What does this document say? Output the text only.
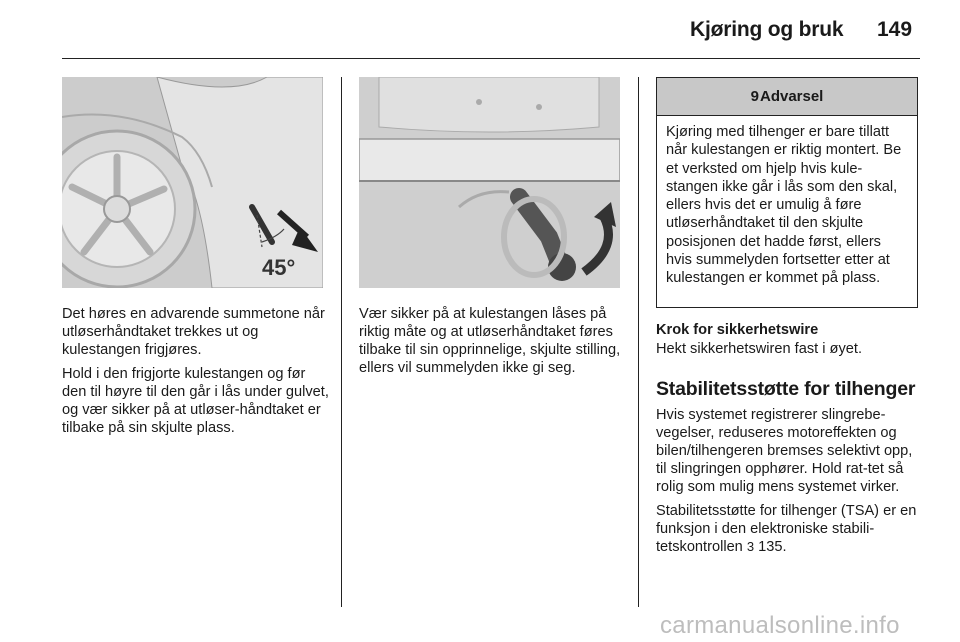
Kjøring og bruk 149
45°

Det høres en advarende summetone når utløserhåndtaket trekkes ut og kulestangen frigjøres.

Hold i den frigjorte kulestangen og før den til høyre til den går i lås under gulvet, og vær sikker på at utløser-håndtaket er tilbake på sin skjulte plass.

Vær sikker på at kulestangen låses på riktig måte og at utløserhåndtaket føres tilbake til sin opprinnelige, skjulte stilling, ellers vil summelyden ikke gi seg.

9 Advarsel
Kjøring med tilhenger er bare tillatt når kulestangen er riktig montert. Be et verksted om hjelp hvis kule-stangen ikke går i lås som den skal, ellers hvis det er umulig å føre utløserhåndtaket til den skjulte posisjonen det hadde først, ellers hvis summelyden fortsetter etter at kulestangen er kommet på plass.
Krok for sikkerhetswire
Hekt sikkerhetswiren fast i øyet.
Stabilitetsstøtte for tilhenger

Hvis systemet registrerer slingrebe-vegelser, reduseres motoreffekten og bilen/tilhengeren bremses selektivt opp, til slingringen opphører. Hold rat-tet så rolig som mulig mens systemet virker.

Stabilitetsstøtte for tilhenger (TSA) er en funksjon i den elektroniske stabili-tetskontrollen 3 135.

carmanualsonline.info
